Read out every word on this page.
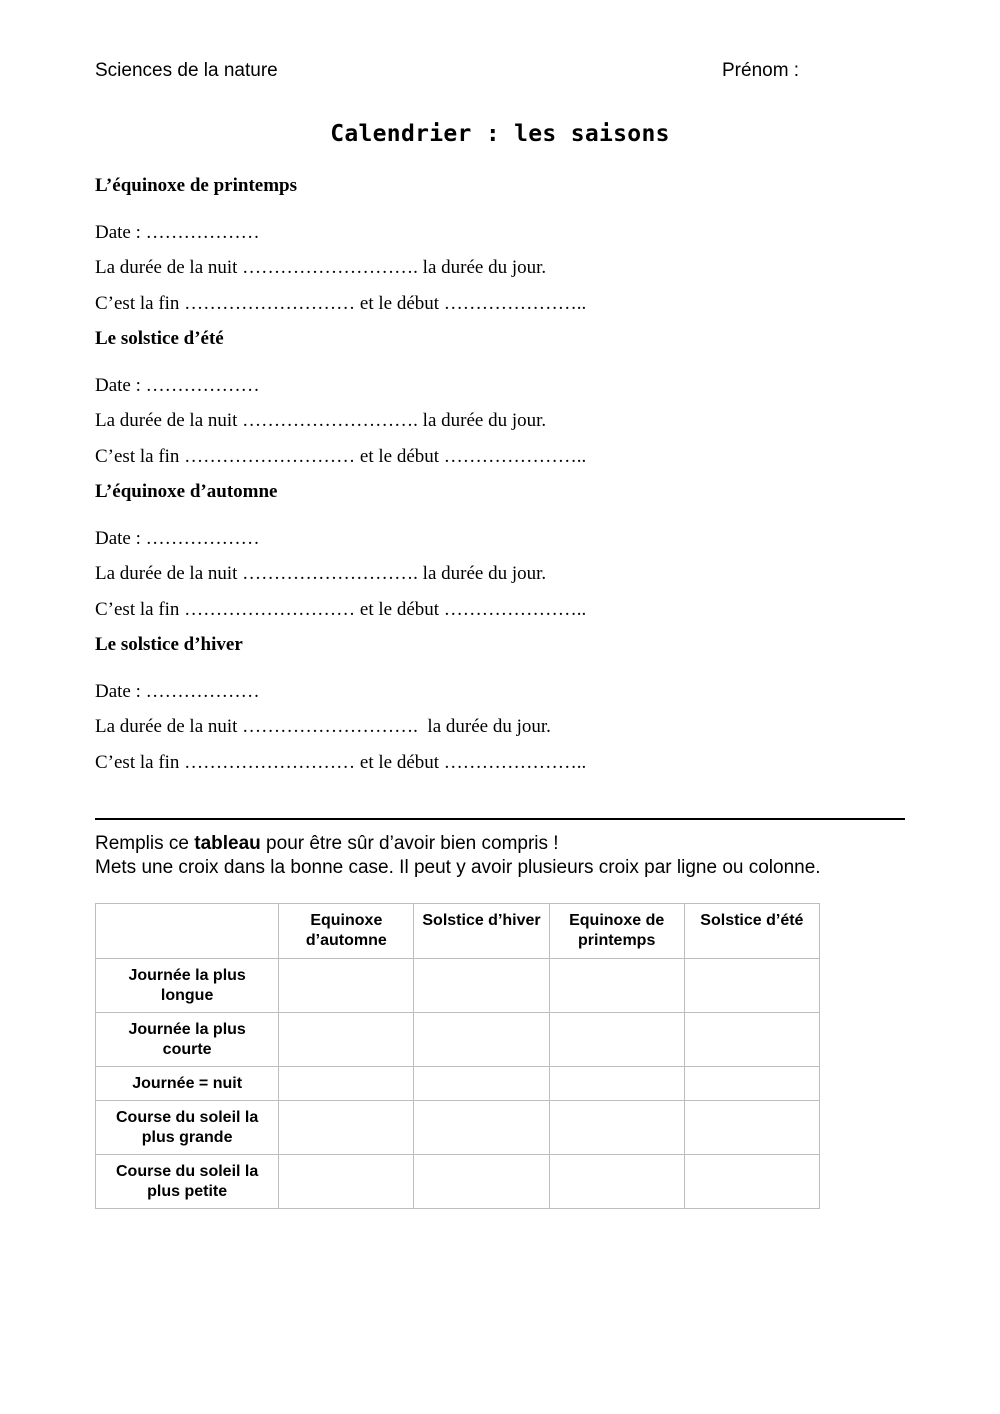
Sciences de la nature	Prénom :
Calendrier : les saisons
L’équinoxe de printemps
Date : ………………
La durée de la nuit ………………………. la durée du jour.
C’est la fin ……………………… et le début …………………..
Le solstice d’été
Date : ………………
La durée de la nuit ………………………. la durée du jour.
C’est la fin ……………………… et le début …………………..
L’équinoxe d’automne
Date : ………………
La durée de la nuit ………………………. la durée du jour.
C’est la fin ……………………… et le début …………………..
Le solstice d’hiver
Date : ………………
La durée de la nuit ……………………….  la durée du jour.
C’est la fin ……………………… et le début …………………..
Remplis ce tableau pour être sûr d’avoir bien compris !
Mets une croix dans la bonne case. Il peut y avoir plusieurs croix par ligne ou colonne.
	Equinoxe d’automne	Solstice d’hiver	Equinoxe de printemps	Solstice d’été
Journée la plus longue				
Journée la plus courte				
Journée = nuit				
Course du soleil la plus grande				
Course du soleil la plus petite				
